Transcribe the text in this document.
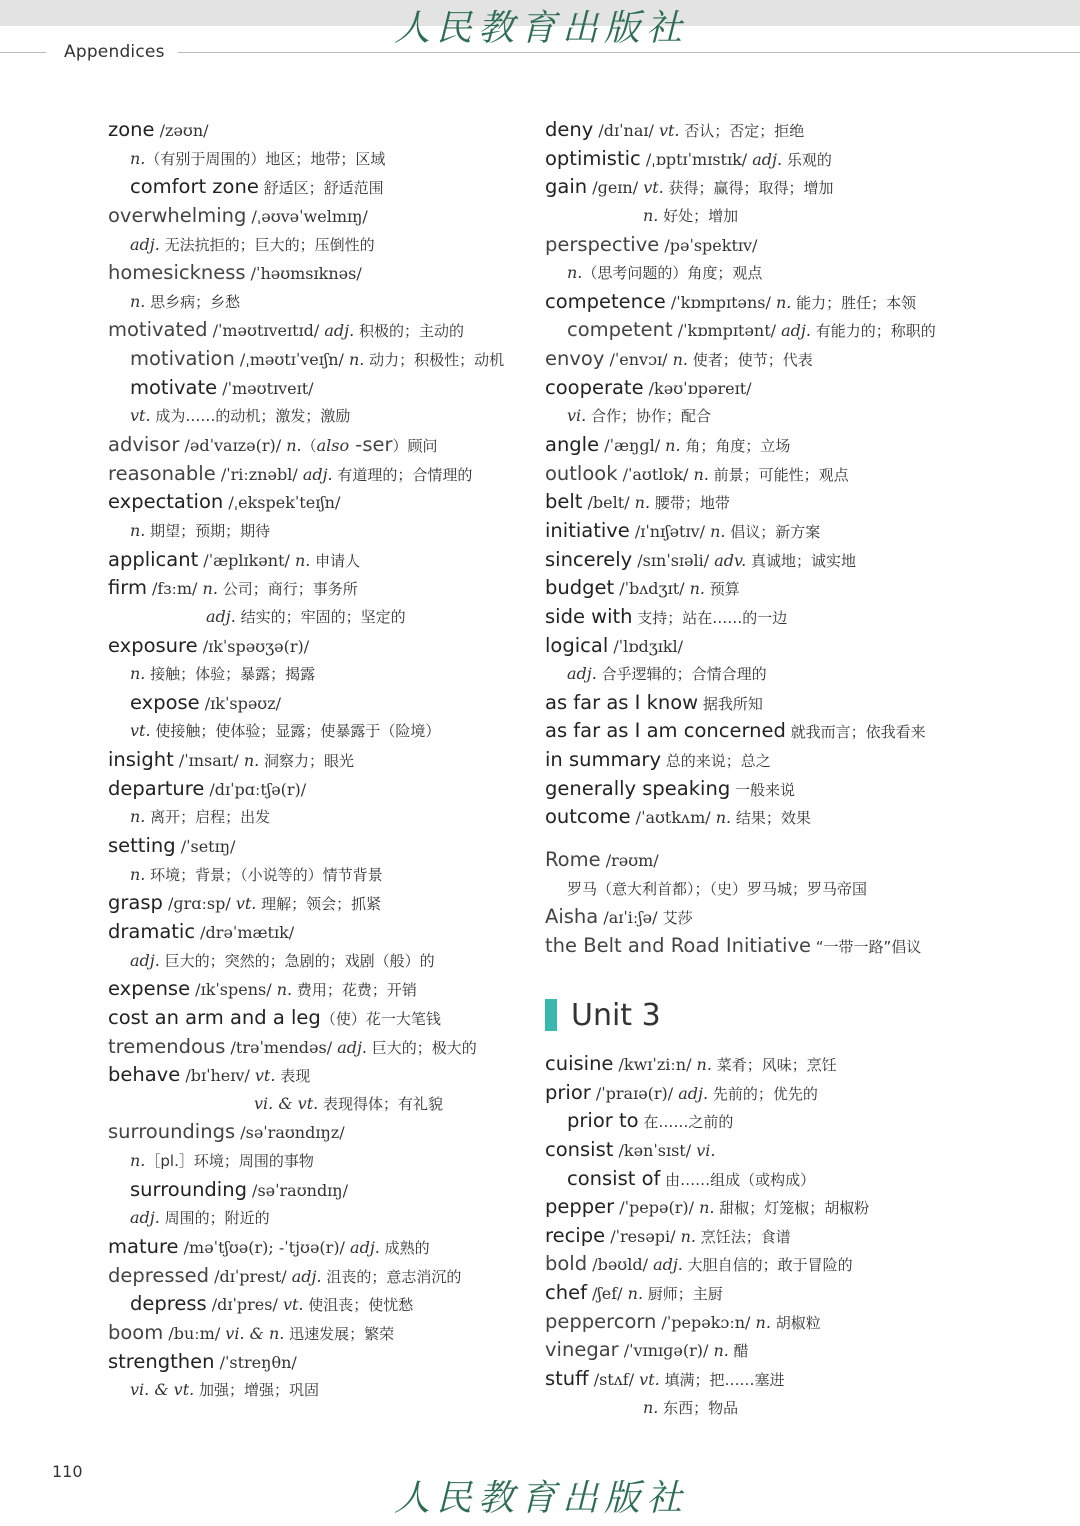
人民教育出版社
Appendices
zone /zəʊn/
n.（有别于周围的）地区；地带；区域
comfort zone 舒适区；舒适范围
overwhelming /ˌəʊvəˈwelmɪŋ/
adj. 无法抗拒的；巨大的；压倒性的
homesickness /ˈhəʊmsɪknəs/
n. 思乡病；乡愁
motivated /ˈməʊtɪveɪtɪd/ adj. 积极的；主动的
motivation /ˌməʊtɪˈveɪʃn/ n. 动力；积极性；动机
motivate /ˈməʊtɪveɪt/
vt. 成为……的动机；激发；激励
advisor /ədˈvaɪzə(r)/ n.（also -ser）顾问
reasonable /ˈriːznəbl/ adj. 有道理的；合情理的
expectation /ˌekspekˈteɪʃn/
n. 期望；预期；期待
applicant /ˈæplɪkənt/ n. 申请人
firm /fɜːm/ n. 公司；商行；事务所
adj. 结实的；牢固的；坚定的
exposure /ɪkˈspəʊʒə(r)/
n. 接触；体验；暴露；揭露
expose /ɪkˈspəʊz/
vt. 使接触；使体验；显露；使暴露于（险境）
insight /ˈɪnsaɪt/ n. 洞察力；眼光
departure /dɪˈpɑːtʃə(r)/
n. 离开；启程；出发
setting /ˈsetɪŋ/
n. 环境；背景；（小说等的）情节背景
grasp /ɡrɑːsp/ vt. 理解；领会；抓紧
dramatic /drəˈmætɪk/
adj. 巨大的；突然的；急剧的；戏剧（般）的
expense /ɪkˈspens/ n. 费用；花费；开销
cost an arm and a leg（使）花一大笔钱
tremendous /trəˈmendəs/ adj. 巨大的；极大的
behave /bɪˈheɪv/ vt. 表现
vi. & vt. 表现得体；有礼貌
surroundings /səˈraʊndɪŋz/
n.［pl.］环境；周围的事物
surrounding /səˈraʊndɪŋ/
adj. 周围的；附近的
mature /məˈtʃʊə(r); -ˈtjʊə(r)/ adj. 成熟的
depressed /dɪˈprest/ adj. 沮丧的；意志消沉的
depress /dɪˈpres/ vt. 使沮丧；使忧愁
boom /buːm/ vi. & n. 迅速发展；繁荣
strengthen /ˈstreŋθn/
vi. & vt. 加强；增强；巩固
deny /dɪˈnaɪ/ vt. 否认；否定；拒绝
optimistic /ˌɒptɪˈmɪstɪk/ adj. 乐观的
gain /ɡeɪn/ vt. 获得；赢得；取得；增加
n. 好处；增加
perspective /pəˈspektɪv/
n.（思考问题的）角度；观点
competence /ˈkɒmpɪtəns/ n. 能力；胜任；本领
competent /ˈkɒmpɪtənt/ adj. 有能力的；称职的
envoy /ˈenvɔɪ/ n. 使者；使节；代表
cooperate /kəʊˈɒpəreɪt/
vi. 合作；协作；配合
angle /ˈæŋɡl/ n. 角；角度；立场
outlook /ˈaʊtlʊk/ n. 前景；可能性；观点
belt /belt/ n. 腰带；地带
initiative /ɪˈnɪʃətɪv/ n. 倡议；新方案
sincerely /sɪnˈsɪəli/ adv. 真诚地；诚实地
budget /ˈbʌdʒɪt/ n. 预算
side with 支持；站在……的一边
logical /ˈlɒdʒɪkl/
adj. 合乎逻辑的；合情合理的
as far as I know 据我所知
as far as I am concerned 就我而言；依我看来
in summary 总的来说；总之
generally speaking 一般来说
outcome /ˈaʊtkʌm/ n. 结果；效果
Rome /rəʊm/
罗马（意大利首都）；（史）罗马城；罗马帝国
Aisha /aɪˈiːʃə/ 艾莎
the Belt and Road Initiative “一带一路”倡议
Unit 3
cuisine /kwɪˈziːn/ n. 菜肴；风味；烹饪
prior /ˈpraɪə(r)/ adj. 先前的；优先的
prior to 在……之前的
consist /kənˈsɪst/ vi.
consist of 由……组成（或构成）
pepper /ˈpepə(r)/ n. 甜椒；灯笼椒；胡椒粉
recipe /ˈresəpi/ n. 烹饪法；食谱
bold /bəʊld/ adj. 大胆自信的；敢于冒险的
chef /ʃef/ n. 厨师；主厨
peppercorn /ˈpepəkɔːn/ n. 胡椒粒
vinegar /ˈvɪnɪɡə(r)/ n. 醋
stuff /stʌf/ vt. 填满；把……塞进
n. 东西；物品
110
人民教育出版社
